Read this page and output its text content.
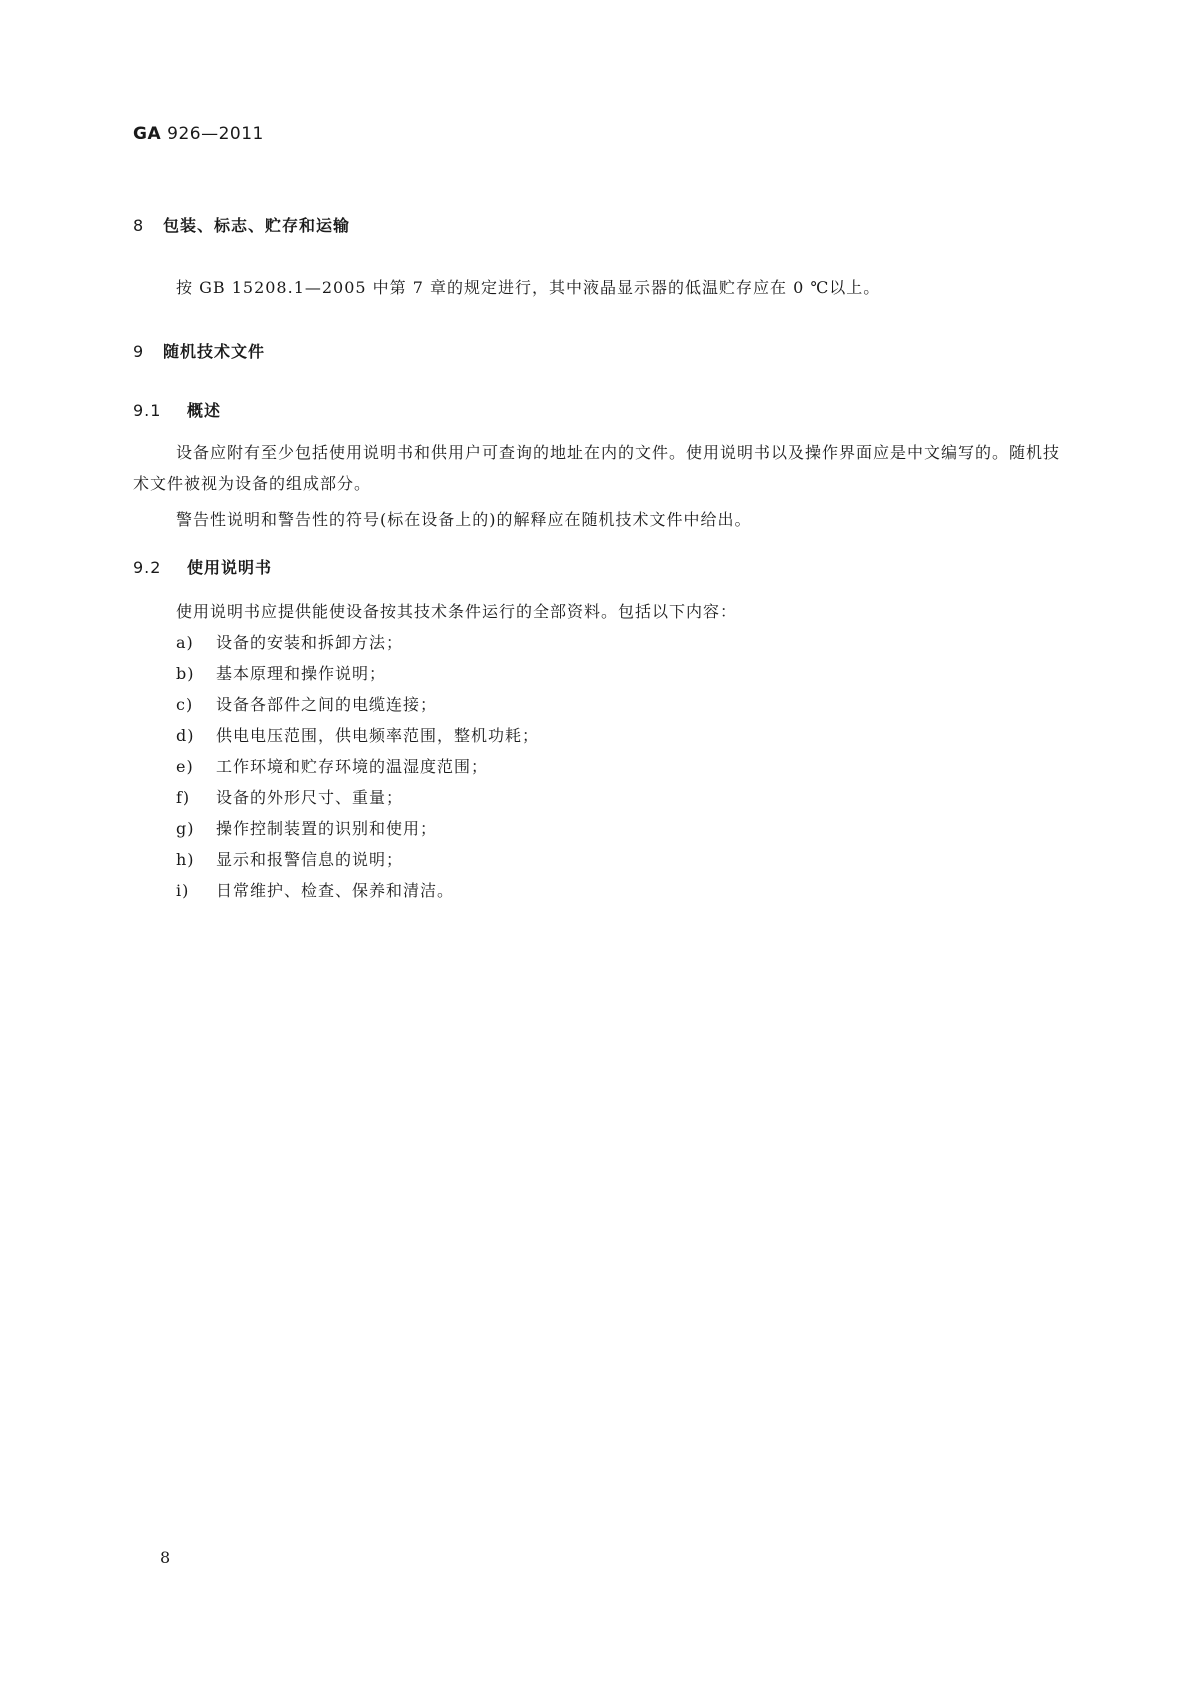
GA 926—2011
8 包装、标志、贮存和运输
按 GB 15208.1—2005 中第 7 章的规定进行，其中液晶显示器的低温贮存应在 0 ℃以上。
9 随机技术文件
9.1 概述
设备应附有至少包括使用说明书和供用户可查询的地址在内的文件。使用说明书以及操作界面应是中文编写的。随机技术文件被视为设备的组成部分。
警告性说明和警告性的符号(标在设备上的)的解释应在随机技术文件中给出。
9.2 使用说明书
使用说明书应提供能使设备按其技术条件运行的全部资料。包括以下内容：
a) 设备的安装和拆卸方法；
b) 基本原理和操作说明；
c) 设备各部件之间的电缆连接；
d) 供电电压范围，供电频率范围，整机功耗；
e) 工作环境和贮存环境的温湿度范围；
f) 设备的外形尺寸、重量；
g) 操作控制装置的识别和使用；
h) 显示和报警信息的说明；
i) 日常维护、检查、保养和清洁。
8
